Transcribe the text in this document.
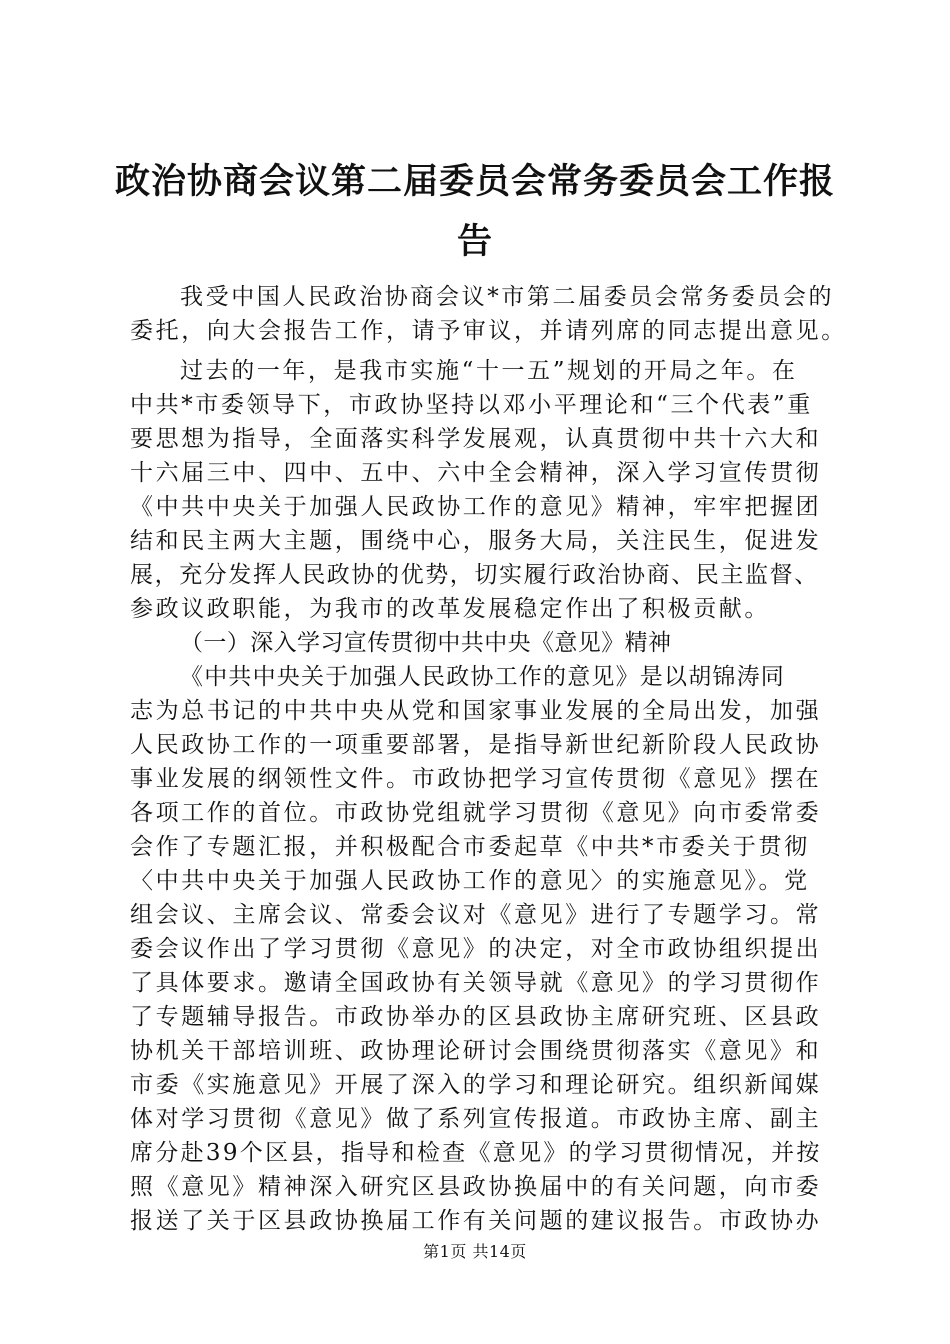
政治协商会议第二届委员会常务委员会工作报
告

我受中国人民政治协商会议*市第二届委员会常务委员会的

委托，向大会报告工作，请予审议，并请列席的同志提出意见。

过去的一年，是我市实施“十一五”规划的开局之年。在

中共*市委领导下，市政协坚持以邓小平理论和“三个代表”重

要思想为指导，全面落实科学发展观，认真贯彻中共十六大和

十六届三中、四中、五中、六中全会精神，深入学习宣传贯彻

《中共中央关于加强人民政协工作的意见》精神，牢牢把握团

结和民主两大主题，围绕中心，服务大局，关注民生，促进发

展，充分发挥人民政协的优势，切实履行政治协商、民主监督、

参政议政职能，为我市的改革发展稳定作出了积极贡献。

（一）深入学习宣传贯彻中共中央《意见》精神

《中共中央关于加强人民政协工作的意见》是以胡锦涛同

志为总书记的中共中央从党和国家事业发展的全局出发，加强

人民政协工作的一项重要部署，是指导新世纪新阶段人民政协

事业发展的纲领性文件。市政协把学习宣传贯彻《意见》摆在

各项工作的首位。市政协党组就学习贯彻《意见》向市委常委

会作了专题汇报，并积极配合市委起草《中共*市委关于贯彻

〈中共中央关于加强人民政协工作的意见〉的实施意见》。党

组会议、主席会议、常委会议对《意见》进行了专题学习。常

委会议作出了学习贯彻《意见》的决定，对全市政协组织提出

了具体要求。邀请全国政协有关领导就《意见》的学习贯彻作

了专题辅导报告。市政协举办的区县政协主席研究班、区县政

协机关干部培训班、政协理论研讨会围绕贯彻落实《意见》和

市委《实施意见》开展了深入的学习和理论研究。组织新闻媒

体对学习贯彻《意见》做了系列宣传报道。市政协主席、副主

席分赴39个区县，指导和检查《意见》的学习贯彻情况，并按

照《意见》精神深入研究区县政协换届中的有关问题，向市委

第1页 共14页

报送了关于区县政协换届工作有关问题的建议报告。市政协办
